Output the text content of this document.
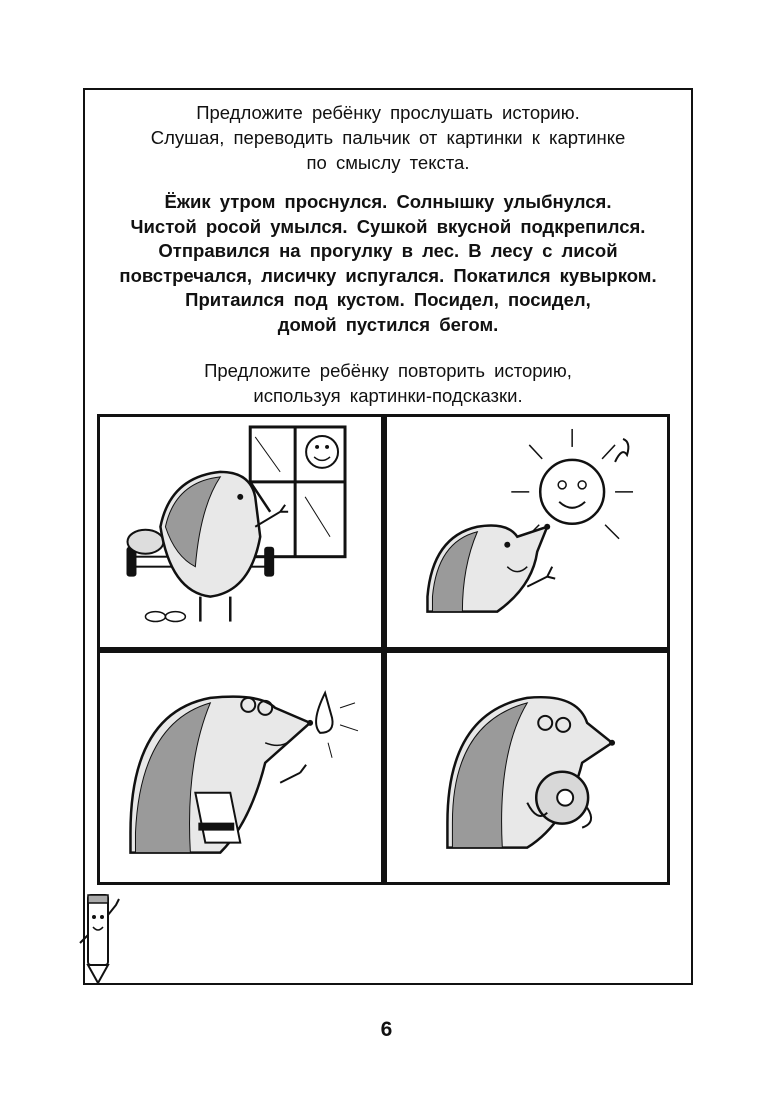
Предложите ребёнку прослушать историю.

Слушая, переводить пальчик от картинки к картинке

по смыслу текста.

Ёжик утром проснулся. Солнышку улыбнулся.

Чистой росой умылся. Сушкой вкусной подкрепился.

Отправился на прогулку в лес. В лесу с лисой

повстречался, лисичку испугался. Покатился кувырком.

Притаился под кустом. Посидел, посидел,

домой пустился бегом.

Предложите ребёнку повторить историю,

используя картинки-подсказки.

6
